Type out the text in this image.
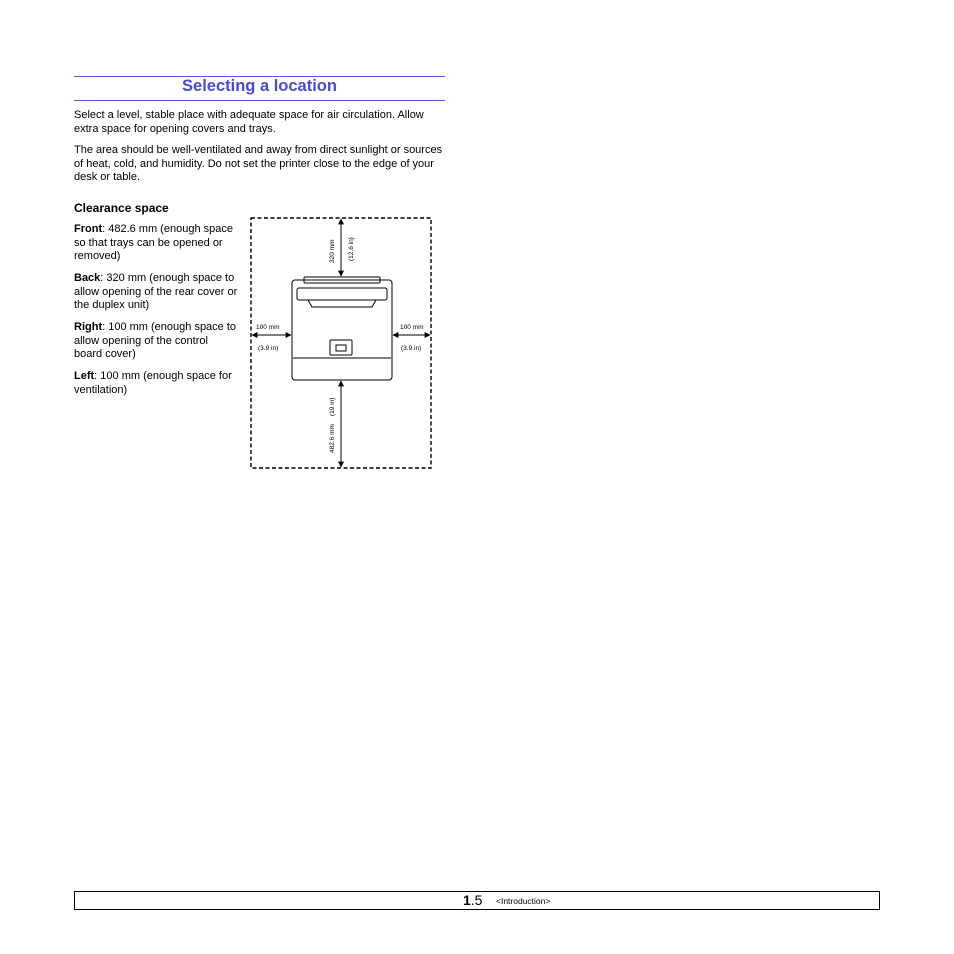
Selecting a location

Select a level, stable place with adequate space for air circulation. Allow extra space for opening covers and trays.

The area should be well-ventilated and away from direct sunlight or sources of heat, cold, and humidity. Do not set the printer close to the edge of your desk or table.

Clearance space

Front: 482.6 mm (enough space so that trays can be opened or removed)

Back: 320 mm (enough space to allow opening of the rear cover or the duplex unit)

Right: 100 mm (enough space to allow opening of the control board cover)

Left: 100 mm (enough space for ventilation)

320 mm (12.6 in)
100 mm
(3.9 in)
100 mm
(3.9 in)
482.6 mm
(19 in)
1.5 <Introduction>
